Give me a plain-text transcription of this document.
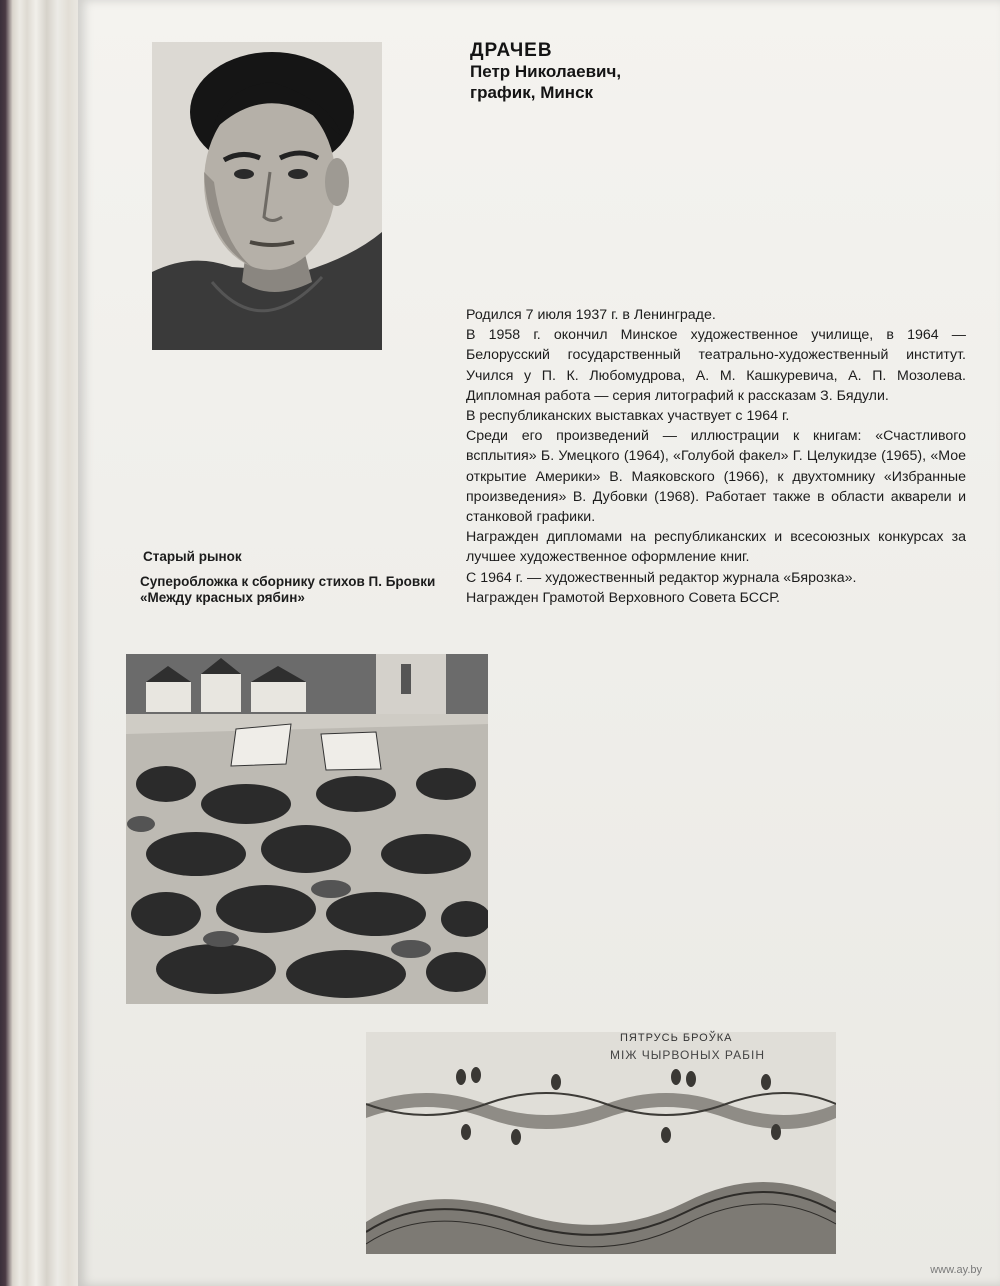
ДРАЧЕВ
Петр Николаевич,
график, Минск

Родился 7 июля 1937 г. в Ленинграде.

В 1958 г. окончил Минское художественное училище, в 1964 — Белорусский государственный театрально-художественный институт. Учился у П. К. Любомудрова, А. М. Кашкуревича, А. П. Мозолева. Дипломная работа — серия литографий к рассказам З. Бядули.

В республиканских выставках участвует с 1964 г.

Среди его произведений — иллюстрации к книгам: «Счастливого всплытия» Б. Умецкого (1964), «Голубой факел» Г. Целукидзе (1965), «Мое открытие Америки» В. Маяковского (1966), к двухтомнику «Избранные произведения» В. Дубовки (1968). Работает также в области акварели и станковой графики.

Награжден дипломами на республиканских и всесоюзных конкурсах за лучшее художественное оформление книг.

С 1964 г. — художественный редактор журнала «Бярозка».

Награжден Грамотой Верховного Совета БССР.

Старый рынок
Суперобложка к сборнику стихов П. Бровки «Между красных рябин»
ПЯТРУСЬ БРОЎКА
МІЖ ЧЫРВОНЫХ РАБІН
www.ay.by
